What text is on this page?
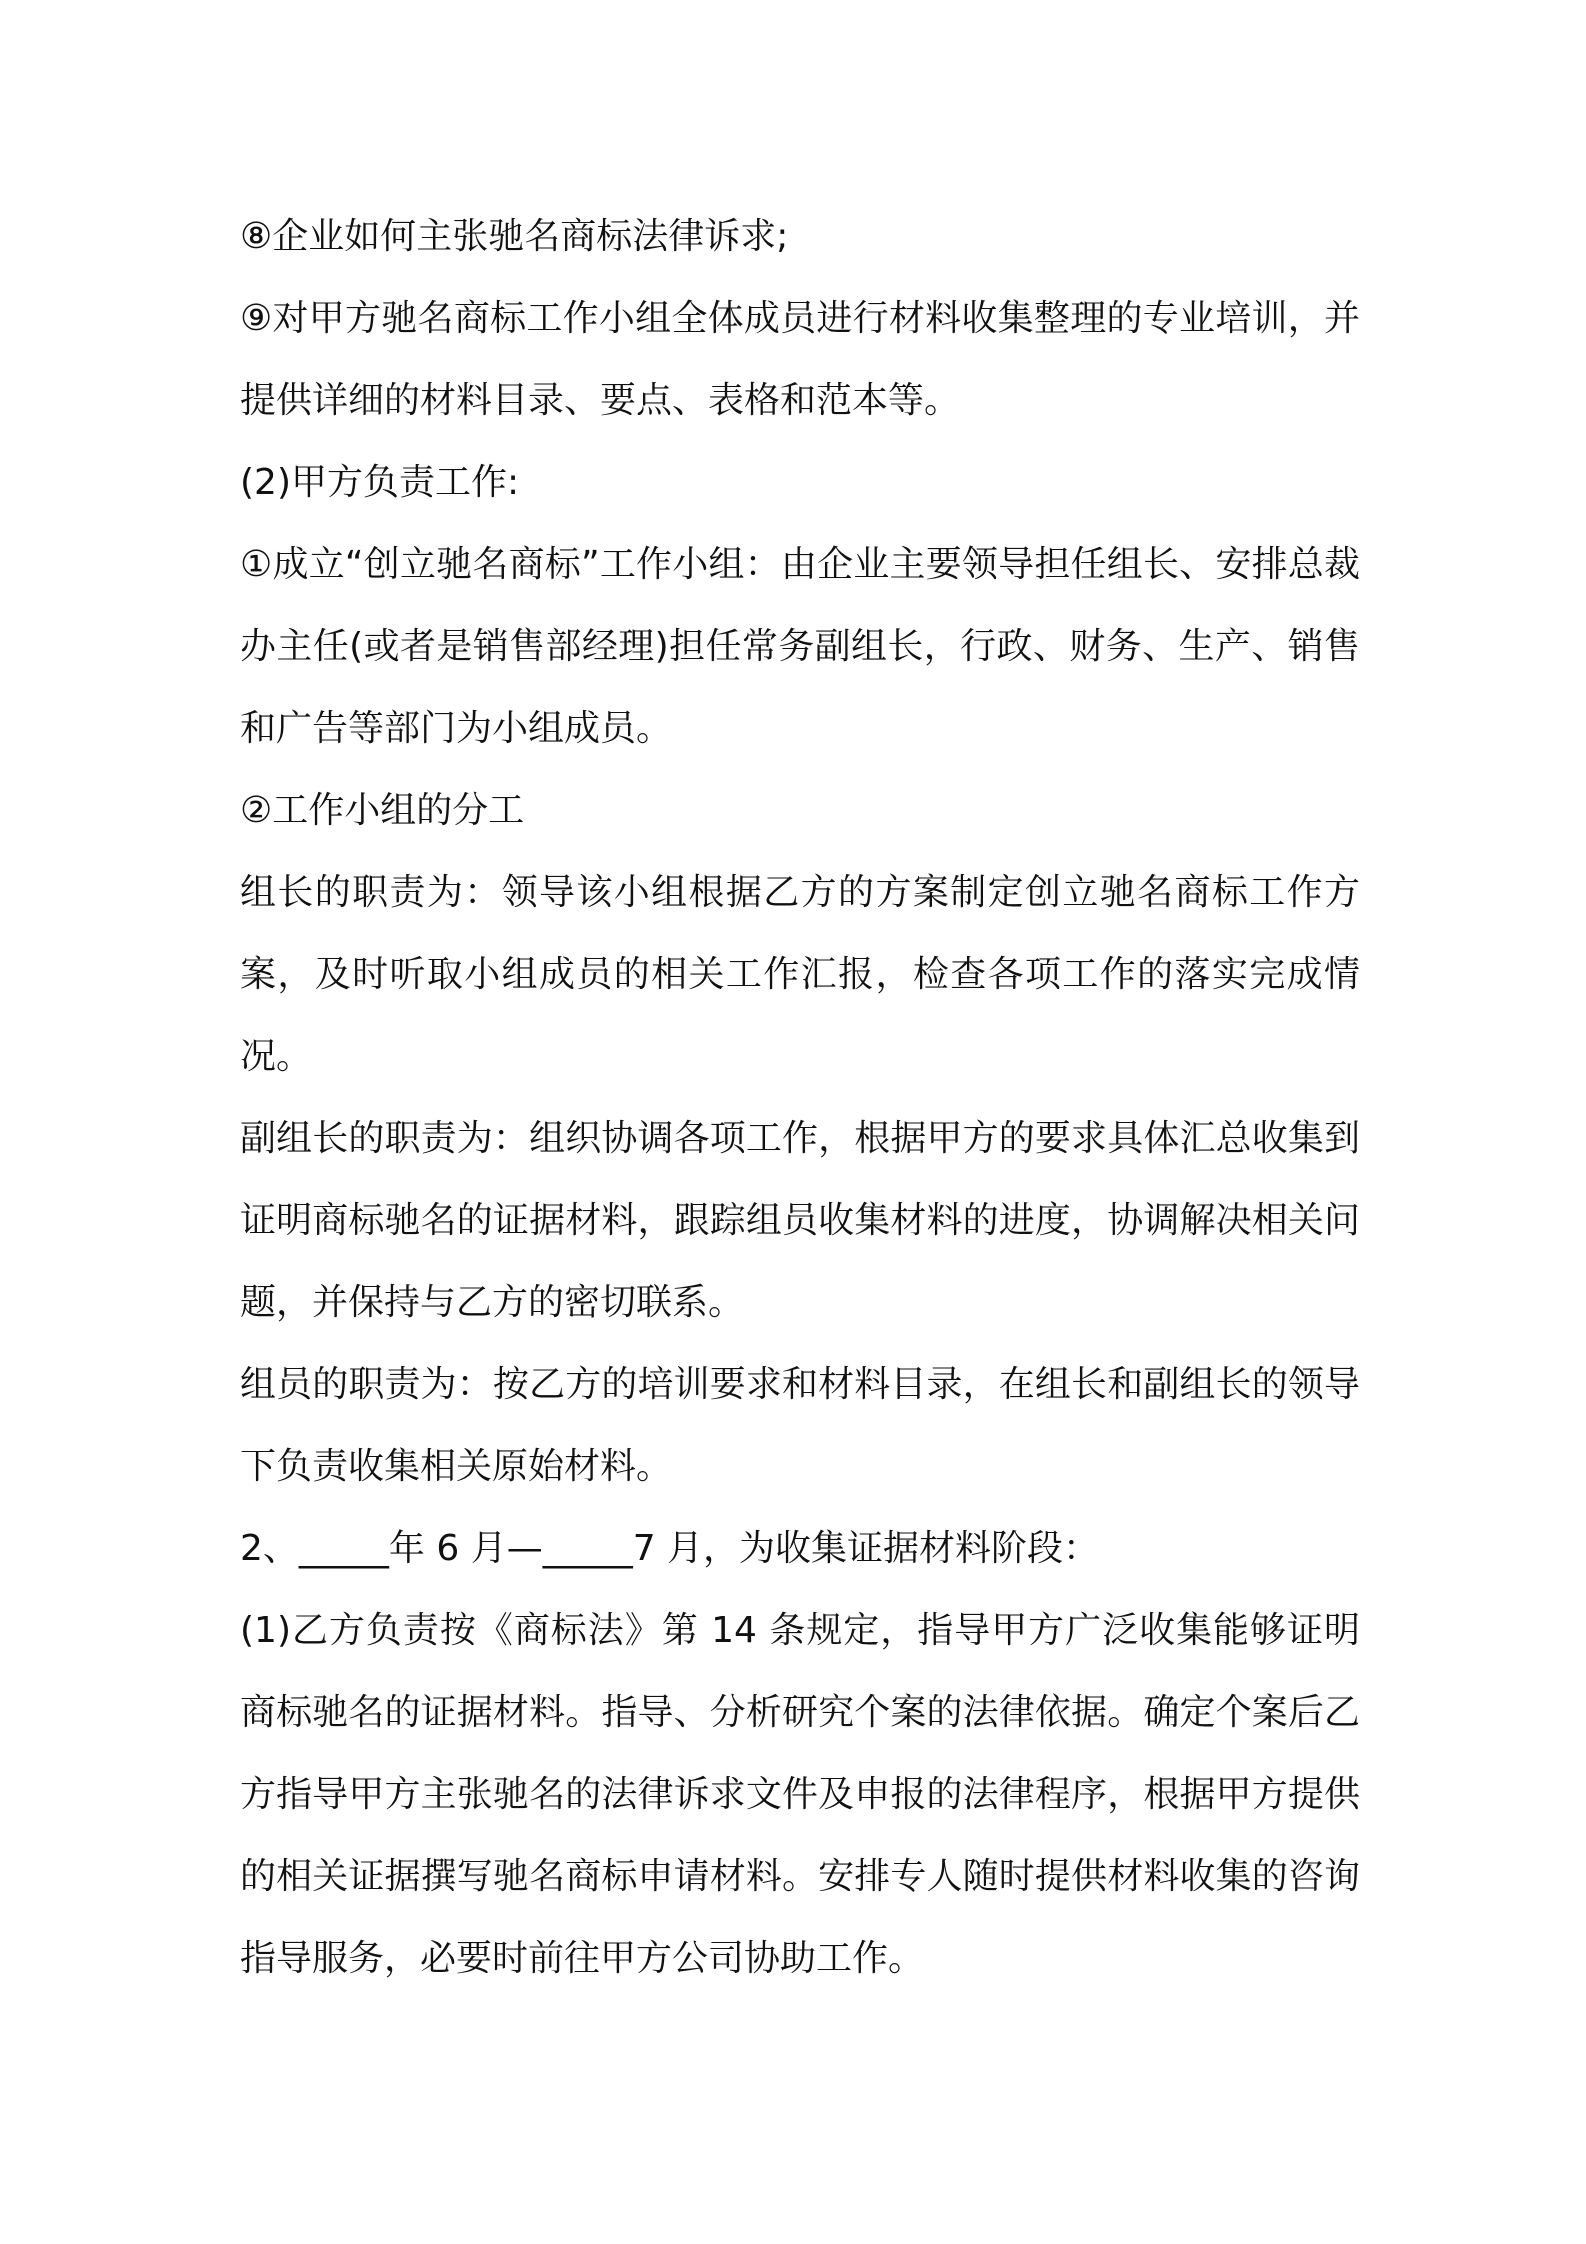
⑧企业如何主张驰名商标法律诉求;

⑨对甲方驰名商标工作小组全体成员进行材料收集整理的专业培训，并提供详细的材料目录、要点、表格和范本等。

(2)甲方负责工作:

①成立“创立驰名商标”工作小组：由企业主要领导担任组长、安排总裁办主任(或者是销售部经理)担任常务副组长，行政、财务、生产、销售和广告等部门为小组成员。

②工作小组的分工

组长的职责为：领导该小组根据乙方的方案制定创立驰名商标工作方案，及时听取小组成员的相关工作汇报，检查各项工作的落实完成情况。

副组长的职责为：组织协调各项工作，根据甲方的要求具体汇总收集到证明商标驰名的证据材料，跟踪组员收集材料的进度，协调解决相关问题，并保持与乙方的密切联系。

组员的职责为：按乙方的培训要求和材料目录，在组长和副组长的领导下负责收集相关原始材料。

2、_____年 6 月—_____7 月，为收集证据材料阶段：

(1)乙方负责按《商标法》第 14 条规定，指导甲方广泛收集能够证明商标驰名的证据材料。指导、分析研究个案的法律依据。确定个案后乙方指导甲方主张驰名的法律诉求文件及申报的法律程序，根据甲方提供的相关证据撰写驰名商标申请材料。安排专人随时提供材料收集的咨询指导服务，必要时前往甲方公司协助工作。
